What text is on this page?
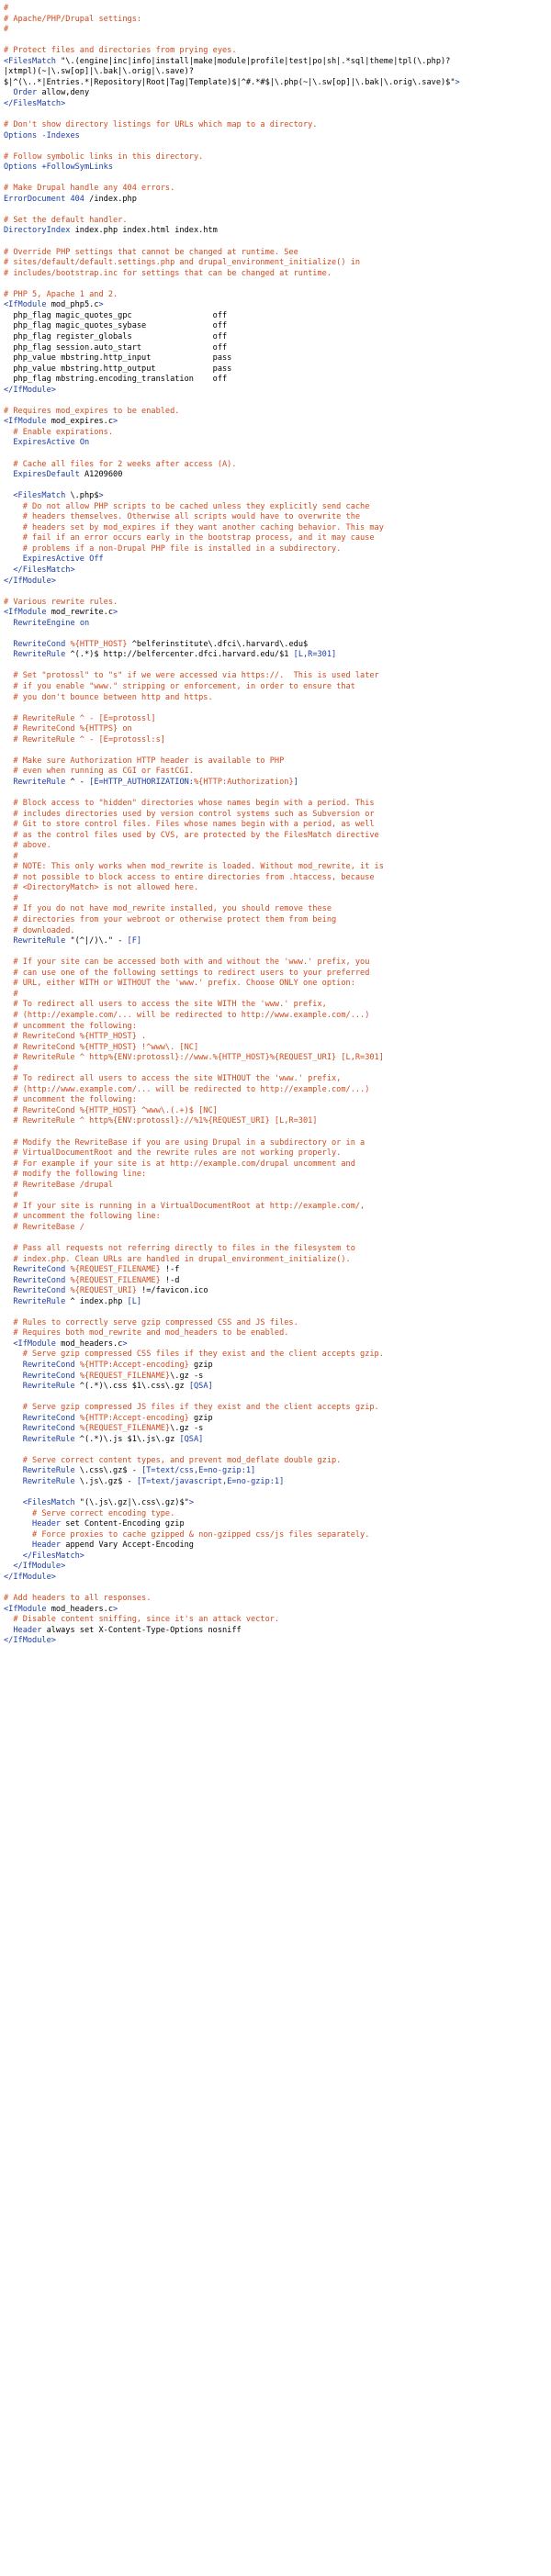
#
# Apache/PHP/Drupal settings:
#
# Protect files and directories from prying eyes.
<FilesMatch "\.(engine|inc|info|install|make|module|profile|test|po|sh|.*sql|theme|tpl(\.php)?
|xtmpl)(~|\.sw[op]|\.bak|\.orig|\.save)?
$|^(\..*|Entries.*|Repository|Root|Tag|Template)$|^#.*#$|\.php(~|\.sw[op]|\.bak|\.orig\.save)$">
Order allow,deny
</FilesMatch>
# Don't show directory listings for URLs which map to a directory.
Options -Indexes
# Follow symbolic links in this directory.
Options +FollowSymLinks
# Make Drupal handle any 404 errors.
ErrorDocument 404 /index.php
# Set the default handler.
DirectoryIndex index.php index.html index.htm
# Override PHP settings that cannot be changed at runtime. See
# sites/default/default.settings.php and drupal_environment_initialize() in
# includes/bootstrap.inc for settings that can be changed at runtime.
# PHP 5, Apache 1 and 2.
<IfModule mod_php5.c>
php_flag magic_quotes_gpc                 off
php_flag magic_quotes_sybase              off
php_flag register_globals                 off
php_flag session.auto_start               off
php_value mbstring.http_input             pass
php_value mbstring.http_output            pass
php_flag mbstring.encoding_translation    off
</IfModule>
# Requires mod_expires to be enabled.
<IfModule mod_expires.c>
# Enable expirations.
ExpiresActive On
# Cache all files for 2 weeks after access (A).
ExpiresDefault A1209600
<FilesMatch \.php$>
# Do not allow PHP scripts to be cached unless they explicitly send cache
# headers themselves. Otherwise all scripts would have to overwrite the
# headers set by mod_expires if they want another caching behavior. This may
# fail if an error occurs early in the bootstrap process, and it may cause
# problems if a non-Drupal PHP file is installed in a subdirectory.
ExpiresActive Off
</FilesMatch>
</IfModule>
# Various rewrite rules.
<IfModule mod_rewrite.c>
RewriteEngine on
RewriteCond %{HTTP_HOST} ^belferinstitute\.dfci\.harvard\.edu$
RewriteRule ^(.*)$ http://belfercenter.dfci.harvard.edu/$1 [L,R=301]
# Set "protossl" to "s" if we were accessed via https://.  This is used later
# if you enable "www." stripping or enforcement, in order to ensure that
# you don't bounce between http and https.
# RewriteRule ^ - [E=protossl]
# RewriteCond %{HTTPS} on
# RewriteRule ^ - [E=protossl:s]
# Make sure Authorization HTTP header is available to PHP
# even when running as CGI or FastCGI.
RewriteRule ^ - [E=HTTP_AUTHORIZATION:%{HTTP:Authorization}]
# Block access to "hidden" directories whose names begin with a period. This
# includes directories used by version control systems such as Subversion or
# Git to store control files. Files whose names begin with a period, as well
# as the control files used by CVS, are protected by the FilesMatch directive
# above.
#
# NOTE: This only works when mod_rewrite is loaded. Without mod_rewrite, it is
# not possible to block access to entire directories from .htaccess, because
# <DirectoryMatch> is not allowed here.
#
# If you do not have mod_rewrite installed, you should remove these
# directories from your webroot or otherwise protect them from being
# downloaded.
RewriteRule "(^|/)\." - [F]
# If your site can be accessed both with and without the 'www.' prefix, you
# can use one of the following settings to redirect users to your preferred
# URL, either WITH or WITHOUT the 'www.' prefix. Choose ONLY one option:
#
# To redirect all users to access the site WITH the 'www.' prefix,
# (http://example.com/... will be redirected to http://www.example.com/...)
# uncomment the following:
# RewriteCond %{HTTP_HOST} .
# RewriteCond %{HTTP_HOST} !^www\. [NC]
# RewriteRule ^ http%{ENV:protossl}://www.%{HTTP_HOST}%{REQUEST_URI} [L,R=301]
#
# To redirect all users to access the site WITHOUT the 'www.' prefix,
# (http://www.example.com/... will be redirected to http://example.com/...)
# uncomment the following:
# RewriteCond %{HTTP_HOST} ^www\.(.+)$ [NC]
# RewriteRule ^ http%{ENV:protossl}://%1%{REQUEST_URI} [L,R=301]
# Modify the RewriteBase if you are using Drupal in a subdirectory or in a
# VirtualDocumentRoot and the rewrite rules are not working properly.
# For example if your site is at http://example.com/drupal uncomment and
# modify the following line:
# RewriteBase /drupal
#
# If your site is running in a VirtualDocumentRoot at http://example.com/,
# uncomment the following line:
# RewriteBase /
# Pass all requests not referring directly to files in the filesystem to
# index.php. Clean URLs are handled in drupal_environment_initialize().
RewriteCond %{REQUEST_FILENAME} !-f
RewriteCond %{REQUEST_FILENAME} !-d
RewriteCond %{REQUEST_URI} !=/favicon.ico
RewriteRule ^ index.php [L]
# Rules to correctly serve gzip compressed CSS and JS files.
# Requires both mod_rewrite and mod_headers to be enabled.
<IfModule mod_headers.c>
# Serve gzip compressed CSS files if they exist and the client accepts gzip.
RewriteCond %{HTTP:Accept-encoding} gzip
RewriteCond %{REQUEST_FILENAME}\.gz -s
RewriteRule ^(.*)\.css $1\.css\.gz [QSA]
# Serve gzip compressed JS files if they exist and the client accepts gzip.
RewriteCond %{HTTP:Accept-encoding} gzip
RewriteCond %{REQUEST_FILENAME}\.gz -s
RewriteRule ^(.*)\.js $1\.js\.gz [QSA]
# Serve correct content types, and prevent mod_deflate double gzip.
RewriteRule \.css\.gz$ - [T=text/css,E=no-gzip:1]
RewriteRule \.js\.gz$ - [T=text/javascript,E=no-gzip:1]
<FilesMatch "(\.js\.gz|\.css\.gz)$">
# Serve correct encoding type.
Header set Content-Encoding gzip
# Force proxies to cache gzipped & non-gzipped css/js files separately.
Header append Vary Accept-Encoding
</FilesMatch>
</IfModule>
</IfModule>
# Add headers to all responses.
<IfModule mod_headers.c>
# Disable content sniffing, since it's an attack vector.
Header always set X-Content-Type-Options nosniff
</IfModule>
